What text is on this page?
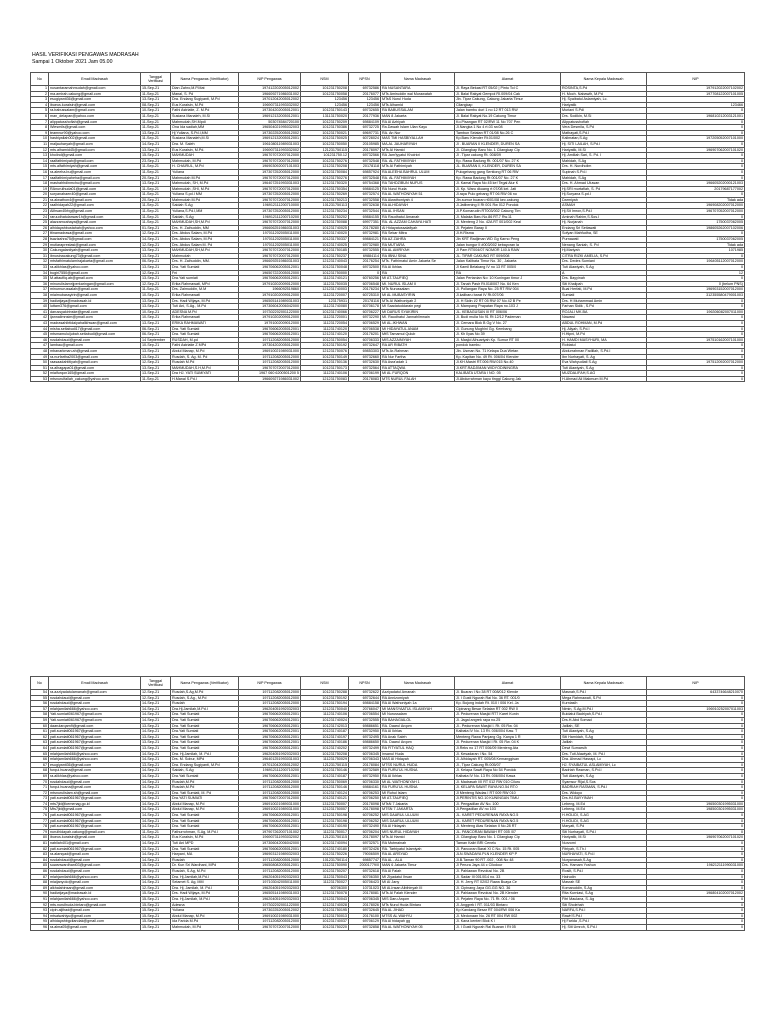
HASIL VERIFIKASI PENGAWAS MADRASAH
Sampai 1 Oktober 2021 Jam 05.00
No	Email Madrasah	Tanggal Verifikasi	Nama Pengawas (Verifikator)	NIP Pengawas	NSM	NPSN	Nama Madrasah	Alamat	Nama Kepala Madrasah	NIP
1	nusantaramahmudah@gmail.com	15-Sep-21	Dian Zahro,M.P.Mat	197412202005012002	101231750208	69732586	RA NUSANTARA	Jl. Raya Bekasi RT 05/02 | Pintu Tol C	ROSINTA,S.Pd	197912022007102002
2	ma.amirah.cakung@gmail.com	11-Sep-21	Manal, S. Pd	196609271986031002	101231750058	20176077	MTs Amiruddin wal Murawatah	Jl. Balai Rakyat Gempol RI.009/04 Cak	H. Moch. Nabawih, M.Pd	197708122007101005
3	esugiyanti36@gmail.com	13-Sep-21	Dra. Endang Sugiyanti, M.Pd	197012042005012002	123456	123456	MTsS Nurul Huda	Jln. Tipar Cakung, Cakung Jakarta Timur	Hj. Syaibatul Aslamiyah, Lc.	
4	ibueus.kuraisin@gmail.com	08-Sep-21	Eus Kuraisin, M.Pd	196907311993032002	123456	123456	MTs Alhamid	Cilangkap	Hariyatik	123466
5	ra.babussalam@gmail.com	10-Sep-21	Fathi Astriatie, Z. M.Pd	197304202005012001	101231750143	69732655	RA BABUSSALAM	Jalan bambu duri 1 no 12 RT 013 RW	Muriani S.Pdi	0
6	man_delapan@yahoo.com	11-Sep-21	Susiana Manaleh, M.Si	196912132005012001	131131750020	20177936	MAN 8 Jakarta	Jl. Balai Rakyat No.19 Cakung Timur	Drs. Sodikin, M.Si	196810212003121001
7	alippatusshofiah@gmail.com	11-Sep-21	Mahmudah,SH.Mpdi	503074584720100	101231750209	69884109	RA Al Azhiyah	Ko.Pisangan RT 02/RW 11 No 707 Pen	Alippatusshofiah	0
8	Wiesmils@gmail.com	11-Sep-21	Ona Ida sadiah,MM	196504021995032003	101231750386	69732725	Ra.Dawah Islam Ulan Kayu	Jl.Nangka 1 No 4 rt.03 rw.08	Vera Desmila, S.Pd	0
9	teamnur90@yahoo.com	13-Sep-21	Hj Yuliana, S.Pd.I,MM	197302252005012002	101231750021	69697731	RA. An Nur	Tambun Selatan RT 01/08 No.26 C	Mathayati,S.Pd.I	0
10	hasbiyallah002@gmail.com	11-Sep-21	Susiana Manaleh,M.Si	196912132005012001	101231750025	60728024	MAS TMI HASBIYALLAH	Kp.Baru Klender Rt.01/002	Kalimatan,S.Ag	197205052007101000
11	maljauharyah@gmail.com	14-Sep-21	Dra. M. Saleh	196108011989031003	101231750050	20105985	MA.AL JAUHARIYAH	Jl . BUARAN II KLENDER, DUREN SA	Hj. SITI LAILAH, S.Pd.I	0
12	mts.alhamid45@gmail.com	13-Sep-21	Eus Kuraisin, M.Pd.	196907311993032002	121231750115	20178097	MTs Al Hamid	Jl. Cilangkap Baru No. 1 Cilangkap Cip	Hariyatik, M.Si	196907062007101020
13	khoiind@gmail.com	15-Sep-21	MAHMUDAH	196707072007012000	101231750.12	69732566	RA Jam'iyyatul Khoiriot	Jl . Tipar cakung Rt. 008/09	Hj. Amiliah Sari, S. Pd. I	0
14	raalfathimiyah@gmail.com	23-Sep-21	Mahmudah, M.Pd	196707072007012000	101231750276	69732548	RA. AL FATHIMIYAH	Kp. Rawa Badung Rt. 001/07 No. 27 K	Mahidah, S.Ag	0
15	mts.alfathimiyah@gmail.com	11-Sep-21	H. CHAIRUL, M.Pd	196903092007101003	121231750208	20178118	MTs Al Fathimiyah	JL. BUARAN II, KLENDER, DUREN SA	Drs. H. Nurdholim	0
16	ra.aleeha.bu@gmail.com	11-Sep-21	Yuliana	197307252005012000	101231750084	69857924	RA ALEEHA BAHRUL ULUM	Pulogebang gang Sentiong RT 06 RW	Supinah S.Pd.i	0
17	raalfathimiyaheha@gmail.com	20-Sep-21	Mahmudah M.Pd	196707072007012000	101231750276	69732548	RA. AL FATHIMIYAH	Kp. Rawa Badung Rt 001/07 No. 27 K	Mahidah, S.Ag	0
18	mashahhdinmchu@gmail.com	13-Sep-21	Mahmudah, SH, M.Pd	196407251993031003	121231750320	69754368	RA TAHDZIBUN NUFUS	Jl. Kamal Raya No 45 ke! Tegal Alur K	Drs. H. Ahmad Uluwan	196605202000121003
19	RAnurulhuda01@gmail.com	11-Sep-21	Mahmudah ,SHI, M.Pd	196707072007012000	101231750354	69884125	RA Nurul Huda	Jl. Kp. Waru dkuang rt 07/08 kel. Jati	Hj.SRI murtafiah, S. Pd	20179687177002
20	suryanahaen40@gmail.com	11-Sep-21	Yuliana S.pd.I MM	197307252005012000	101231750269	69732574	RA AL WATHONIYAH 51	Jl.raya Pulo gebang RT 06 RW 06 no	Hj.Suryana S.pd.I	0
21	ra.alwathon4@gmail.com	20-Sep-21	Mahmudah M.Pd	196707072007012000	101231750213	69732558	RA Alwathoniyah 4	Jln.sumur buaran rt001/08 kec.cakung	Darmiyah	Tidak ada
22	raalhidayah22@gmail.com	11-Sep-21	Saidah S.Ag	196912111200710000	101231750113	69732638	RA ALHIDAYAH	Jl.Jatibening II Rt 001 Rw 012 Pondok	ASMAH	196908202007012000
23	Alihsan40rbg@gmail.com	11-Sep-21	Yuliana,S.Pd.I,MM	197307252005012000	121231750234	69732544	RA AL IHSAN	Jl.P.Komarudin RT003/002 Cakung Tim	Hj.Sit Imron,S.Pd.I	196707052007012000
24	raruudhatulanwar1h@gmail.com	11-Sep-21	Saidah, S.Ag	196912111200710200	101231750202	69884155	RA Raudhatul Amanah	Jl. Malaka Baru No.86 RT.7 Rw.11	Aminah Rahim,S.Sos.I	0
25	alazzamcahaya@gmail.com	11-Sep-21	MAHMUDAH,SH,M.Pd	196707072007012000	101231750088	69977351	RA. AL AZZAM CAHAYA HATI	Jl. Menteng 2 No. 42A RT 001/002 Keal	Hj. Nurjanah	1750037062005
26	alhidayahbustahah@yahoo.com	01-Sep-21	Drs. H. Zaihuddin, MM	196606251986031003	101231740025	20178280	Al Hidayatussalafiyah	Jl. Pejaten Baray II	Endang Sri Setiawati	198605262007102006
27	ttinamadrasa@gmail.com	12-Sep-21	Drs. Abdus Salam, M.Pd	197011202005011000	101231740020	69732981	RA Sekar Mitra	Jl.H.Risma	Sofyan Mahfudha, SE	0
28	tsazizahra75@gmail.com	14-Sep-21	Drs. Abdus Salam, M.Pd	197011202005011000	101231750337	69884121	RA AZ ZAHRA	Jln KRT Radjiman WD Gg Karno Peng	Purnawati	1750037062005
29	mutiaraprestasi@gmail.com	12-Sep-21	Drs. Abdus Salam M. Pd	197011202005011000	101231740025	69732980	RA MUTIARA	Jalan bungur II #003/002 kebayoran la	Nenang Saniah, S. Pd	Tidak ada
30	Cakungalaniiyah@gmail.com	13-Sep-21	MAHMUDAH,SH,M.Pd	196707072007012000	101231750185	69732555	RA AL AMRIYAH	Jl Pam RT004/07 NOMOR 140 A RAW	Hj.Mariyah	1071985
31	ibnusinacakung73@gmail.com	13-Sep-21	Mahmudah	196707072007012000	101231750237	69884114	RA IBNU SINA	JL. TIPAR CAKUNG RT 009/008	CITRA RIZKI AMELIA, S.Pd	0
32	mtsfathimatulamirajakarta@gmail.com	06-Sep-21	Drs. H. Zaihuddin, MM.	196609251986031003	121231740043	20176254	MTs. Fathimatul Amin Jakarta Se	Jalan Kalibata Timur No. 30 , Jakarta	Drs. Dedes Sumiani	196405112007012000
33	ra.alikhlas@yahoo.com	13-Sep-21	Dra. Yati Sumiati	196706062005012001	101231750048	69732500	RA Al Ikhlas	Jl Kamil Belakang IV no 13 RT 005/0	Tuti Alawiyah, S.Ag	0
34	bugiri7550@gmail.com	12-Sep-21	Fni	196507222005012000	101231750000	0	RA	RA	A	12
35	M.attaufiiq.ab@gmail.com	13-Sep-21	Dra.Yati sumiati	196706062005012001	111231740121	60760256	MI AT-TAUFIEQ	Jalan Pertanian No: 10 Kuningan timur J	Drs. Bayyinah	0
36	minurulislamrijperkaringan@gmail.com	12-Sep-21	Erika Rahmawati, MPd	197910202009012000	111231750035	60706548	MI. NURUL ISLAM II	Jl. Tanah Pasir Rt.018/007 No. 64 Ken	Siti Khalipah	0 (belum PNS)
37	minurnurussalah@gmail.com	11-Sep-21	Drs. Zaimuddin, M.M	1966092519860	121231740003	20176234	MTs Nurussalam	Jl. Pollangan Raya No. 25 RT RW 004	Buai Herfati, M.Pd	196903152007012000
38	miaimubassyirin@gmail.com	10-Sep-21	Erika Rahmawati	197910202009012000	111231720007	60725310	MI AL MUBASYIRIN	Jl.kalibaru barat IV Rt.007/06	Sumiati	312355580479001003
39	hadiwijaya@madrasah.id	13-Sep-21	Drs. Hadi Wijaya, M.Pd	196505141989031003	123175931	20178116	MTs Al Wathoniyah 2	Jl. H Sidin I/2 RT 05 RW 07 No 42 B Pe	Drs. H Muhammad Amin	0
40	luttam376@gmail.com	13-Sep-21	Tuti Ani, S.Ag., M.Pd	197306042006042000	111231740080	60706178	MI Saadatuddarain pegi	Jl. Mampang Prapatan Raya no.103 J	Farhan Sidik , S.Pd	0
41	darussyakirinske@gmail.com	10-Sep-21	ADESNA M.Pd	197302202001122000	101231740066	60706227	MI DARUS SYAKIRIN	JL. KEBAGUSAN III RT 006/06	ROJALI MK.BA	196306082007011000
42	ijannalimnsim@ymail.com	10-Sep-21	Erika Rahmawati	197910202009012000	111231720001	69732290	MI. Raudhatul Jannahlimnain	Jl. Budi mulia No 91 Rt 12/12 Pademan	Nawawi	0
43	madrasahibtidaiyahalikhwan@gmail.com	13-Sep-21	ERIKA RAHMAWATI	19791002009012000	111231720054	60706529	MI AL-IKHWAN	Jl. Cemara Blok B Gg V No. 27	ABDUL ROHMAN, M.Pd	0
44	misha.seltabudi17@gmail.com	06-Sep-21	Dra. Yati Sumiati	196706062005012001	111231740120	60706538	MI HIDAYATUL ANAM	Jl. Gunung Mughini Gg. Kembang	Hj. Aliyah, S.Pd.I	0
45	mtsmamuluijubah.setiabudi@gmail.com	06-Sep-21	Dra. Yati Sumiati	196706062005012001	121231740120	20176201	MtS Tamamul Qulub	Jl. Kh Ilyas No 39	H.Hipni, M.Pd	0
46	rusdahdaud@gmail.com	14 September	RUSDAH, M.pd	197112082005012000	101231750054	60706333	MIS AZZAINIYAH	Jl. Masjid Alhuariyah Kp. Sumur RT 00	H. HAMDI MASYHURI, MA	197510162007101000
47	lambau@gmail.com	10-Sep-21	Fathi Astriatie Z MPd	197304202005012000	101231750192	69732647	RA AR RIBATH	pondok bambu	Robiatul	0
48	mbanarkman.ah@gmail.com	13-Sep-21	Abdul Manap, M.Pd	196910021989031000	121231750076	69853303	MTs Ar-Rahman	Jln. Usman No. 71 Kelapa Dua Wetan	Abdurrahman Fadillah, S.Pd.I	0
49	ra.nurfartha2003@gmail.com	13-Sep-21	Rusdah, S. Ag. M. Pd	197112082005012000	101231750149	69732660	RA Nur Fartha	Kp. Kapitan No. 49 Rt. 006/04 Klender	Ibn Nurhayati, S. Ag	0
50	raasaadahtitiyah@gmail.com	12-Sep-21	Rusdah M.Pd	197112082005012000	101231750136	69732630	RA Asra'adah 1	Jl.KH.Mastri RT.006 RW.015 No.40	Eva Wahyudiati S.Ag	197512092007012000
51	ra.alhagapa01@gmail.com	13-Sep-21	MAHMUDAH,S.H,M.Pd	196707072007012000	101231750173	69732564	RA ATTAQWA	Jl.KRT.RADJIMAN WIDYODININGRA	Tuti Alawiyah, S.Ag	0
52	mialfurqon165@gmail.com	13-Sep-21	Dra HJ. YATI SUMIYATI	1967 060 6200501200 5	111231740106	60706199	MI AL FURQON	KALIBATA UTARA I NO. 05	MUZDALIFAH,S.AG	0
53	mtsnurulfallah_cakung@yahoo.com	11-Sep-21	H.Manal S.Pd.I	196609271986031002	121231750083	20178083	MTS NURUL FALAH	Jl.Abdurrahman kayu tinggi Cakung Jak	H.Ahmad Ali Makmum M.Pd	0
No	Email Madrasah	Tanggal Verifikasi	Nama Pengawas (Verifikator)	NIP Pengawas	NSM	NPSN	Nama Madrasah	Alamat	Nama Kepala Madrasah	NIP
54	ra.azziyadatulamanah@gmail.com	12-Sep-21	Rusdah,S.Ag,M.Pd	197112082005012000	101231750288	69732622	Azziyadatul Amanah	Jl. Buaran I No 38 RT 008/012 Klende	Masnah,S.Pd.I	6433746648210070
55	rusdahdaud@gmail.com	12-Sep-21	Rusdah, S.Ag., M.Pd	197112082005012000	101231750192	69732644	RA Annizomiyah	Jl. I Gusti Ngurah Rai No. 36 RT. 001/0	Mega Rahmawati, S.Pd	0
56	rusdahdaud@gmail.com	14-Sep-21	Rusdah	197112082005012000	101231750194	69884158	RA Al Wathoniyah 1a	Kp. Bojong indah Rt. 010 / 006 Kel. Ja	Kurniasih	0
57	mlahjamilah666@yahoo.com	14-Sep-21	Dra.Hj.Jamilah,M.Pd.I	196204051992032003	121231750040	20766047	MI MANSYAATUL ISLAMIYAH	Cipinang Besar Selatan RT 002 RW 0	Nimin, S.Ag.M.Pd.I	196910252007011003
58	Yati.sumiati061967@gmail.com	14-Sep-21	Dra. Yati Sumiati	196706062005012001	111231740106	60706554	MI Nurussalam	Jl. Pedurenan Masjid RT7 Karet Kunin	Buidatul Badriyah,S.Pd.I	0
59	Yati.sumiati061967@gmail.com	14-Sep-21	Dra. Yati Sumiati	196706062005012001	101231740024	69732555	RA BAHAGIALOL	Jl. Jagal angrek raya no.25	Drs.H.Abd Somad	0
60	daarularqam9@gmail.com	13-Sep-21	Dra. Yati Sumiati	196706062005012001	101231742013	69886651	RA. Daarul Arqom	Jl.. Pedurenan Masjid I. Rt. 05 Rw. 04	Jaillah, SE	0
61	yati.sumiati061967@gmail.com	14-Sep-21	Dra.Yati Sumiati	196706062005012001	101231740187	69732950	RA AI Ikhlas	Kalbata IV No. 13 Rt. 006/004 Kaw. T	Tuti Alawiyah, S.Ag	0
62	yati.sumiati061967@gmail.com	13-Sep-21	Dra. Yati Sumiati	196706062005012001	101231740197	69732495	RA Anak Saleh	Menteng Rawa Panjang Gg. Kanya 1 R	Siti Hamidah, S.Ag	0
63	yati.sumiati061967@gmail.com	13-Sep-21	Dra. Yati Sumiati	196706062005012001	101231740186	69886650	RA. Daarul Arqom	Jl. Pedurenan Masjid I Rt. 05 Rw. 04 K	Jaillah	0
64	yati.sumiati061967@gmail.com	13-Sep-21	Dra. Yati Sumiati	196706062005012001	101231740202	69732499	RA FITYATUL HAQ	Jl.Reks no 17 RT 006/09 Menteng Ata	Dewi Sumarsih	0
65	mlahjamilah666@yahoo.com	14-Sep-21	Dra. Hj.Jamilah, M. Pd.I	196204051992032003	101231750208	60706345	Insanul Huda	Jl. Kesadaran I No. 54	Drs. Tuti Alawiyah, M. Pd.I	0
66	mlahjamilah666@yahoo.com	14-Sep-21	Drs. M. Sobur, MPd	196401251993031003	111231750029	60706343	MAS AI Hidayah	Jl. Alhidayah RT. 005/08 Kemanggisan	Dra. Ahmad Hasrapi, Lc	0
67	esugiyanti36@gmail.com	13-Sep-21	Dra. Endang Sugiyanti, M.Pd	197012042005012002	121231750115	20178084	MTSS NURUL HUDA	Jl., Tipar Cakung Rt.005/07	HJ. SYAIBATUL ASLAMIYAH, Lc	0
68	furqui.huana@gmail.com	14-Sep-21	Saidah, S.Ag	196912111200710200	101231750146	69732589	RA FURU'UL HUSNA	Jl. Kelapa Sawit Raya No 54 Pondok	Badriah Rasman, S.Pd.I	0
69	ra.alikhlas@yahoo.com	14-Sep-21	Dra.Yati Sumiati	196706062005012001	101231740187	69732950	RA AI Ikhlas	Kalbata IV No. 13 Rt. 006/004 Kawa	Tuti Alawiyah, S.Ag	0
70	rusdahdaud@gmail.com	14-Sep-21	Rusdah,M.Pd	197112082005012000	101231750069	60706330	MI AL WATHONIYAH 1	Jl. Madrasah I/II RT 012 RW 010 Ciluru	Syamsur Rijal,S.Sos	0
71	furqui.huana@gmail.com	14-Sep-21	Rusdah,M.Pd	197112082005012000	101231750146	69884161	RA FURU'UL HUSNA	Jl. KELAPA SAWIT RAYA NO.54 RT.0	BADRIAH RASMAN, S.Pd.I	0
72	mtsnurulislam.sh@gmail.com	14-Sep-21	Dra. Yati Sumiati, M. Pd	197112082005012000	101231740124	60706253	MI Ruhul Islam	Jl Menteng Wadas I RT 009 RW 010	Drs. Widoyo	0
73	yati.sumiati061967@gmail.com	14-Sep-21	Dra.YATI SUMIATI	196706072007012000	101231740121	60706250	MI AT-TAUFIEQ	Jl.PERINTIS NO.10 KUNINGAN TIMU	Drs.HJ.BAYYINAH	0
74	mts7jkt@kemenag.go.id	14-Sep-21	Abdul Manap, M.Pd	196910021989031000	131231750007	20178098	MTsN 7 Jakarta	Jl. Pengadilan AV No. 100	Lebeng, M.Ed	196500301995031000
75	Mts7jkt@gmail.com	14-Sep-21	Abdul Manap, M.Pd	196910021989031000	121231750007	20178098	MTSN 7 JAKARTA	Jl.Pengadilan AV no 103	Lebeng, M.Ed	198500301995031000
76	yati.sumiati061967@gmail.com	14-Sep-21	Dra. Yati Sumiati	196706062005012001	121231750198	60706252	MIS DAARUL ULUUM	JL. KARET PEDURENAN RAYA NO.5	H.HOLIDI, S.AG	0
77	yati.sumiati061967@gmail.com	14-Sep-21	Dra. Yati Sumiati	196706062005012001	121231750198	60706252	MIS DAARUL ULUUM	JL. KARET PEDURENAN RAYA NO.5	H.HOLIDI, S.AG	0
78	yati.sumiati061967@gmail.com	14-Sep-21	Dra. Yati Sumiati	196706062005012001	101231740190	69732490	RA Al Hidayah	Jl. Menteng Atas Selatan II No.28 RT	Maryati, S.Pd	0
79	nurulhidayah.cakung@gmail.com	11-Sep-21	Fathurrohman, S.Ag, M.Pd.I	197907262007101002	111231750017	60706204	MIS NURUL HIDAYAH	JL. PANCORAN BAWAH RT 005 /07	Siti Nurhayati, S.Pd.I	0
80	ibueus.kuraisin@gmail.com	14-Sep-21	Eus Kuraisin, M.Pd	196907311993032002	121231750115	20178097	MTs Al Hamid	Jl. Cilangkap Baru No. 1 Cilangkap Cip	Hariyatik, M.Si	196907062007101020
81	nabilah401@gmail.com	14-Sep-21	Tuti Ani MPD	197306042006042000	101231740094	69732571	RA Mutmainah	Taman Kaliri BRI Cenelu	Nurzomi	0
82	yati.sumiati061967@gmail.com	13-Sep-21	Dra. Yati Sumiati	196706062005012001	101231740180	69732426	RA. Tarbiyatul Islamiyah	Jl. Pancoran Barat XI C No. 15 Rt. 005	Fitriyah, S.Th.I	0
83	ra.alarsyad@gmail.com	14-Sep-21	Haryani, MA	196903121989032003	101231750226	79006509	RA AL ARSYAD	JLN.SWADAYA PLN KLENDER KP P	NURHAYATI, S.Pd.I	0
84	rusdahdaud@gmail.com	14-Sep-21	Rusdah	197112082005012000	101231750114	69857747	RA AL - ALA	Jl.B.Taman 90 RT .002 , 008 No 48	Nuryanasah,S.Ag	0
85	suwanwardhani03@gmail.com	15-Sep-21	Dr. Kun Sri Wardhani, MPd	196508082005012001	131231750090	20001779/0	MAN 6 Jakarta Timur	Jl Perura Jaya 44 c Cilodour	Drs. Hamam Yoshun	196212111990031000
86	rusdahdaud@gmail.com	09-Sep-21	Rusdah, S.Ag, M.Pd	197112082005012000	101231750207	69732618	RA Al Falah	Jl. Pahlawan Revolusi No. 2B	Rosilt, S.Pd.I	0
87	mlahjamilah666@yahoo.com	15-Sep-21	Dra. Hj.Jamilah,M.Pd.I	196204051992032003	111231750043	60706350	MI Ziyadatul Ihsan	Jl. Sadar III 001/014 no. 33	Hairudin	0
88	miaijanyolo@gmail.com	14-Sep-21	Selamet S. Ag, MM	197103042005011000	111231750027	60706423	MI AI Jany	Jl. H. Jeny RT 02/02 Rawa Buaya Ce	Masrah SE	0
89	alkhalahinsan@gmail.com	12-Sep-21	Dra. Hj. Jamilah, M. Pd.I	196204051992032003	60706300	10731023	MI Al-Insan Albihinyah III	Jl. Cipinang Jaya GG.GG NO. 36	Komaruddin, S.Ag	0
90	hadiwijaya@madrasah.id	15-Sep-21	Drs. Hadi Wijaya, M.Pd	196505141989031003	121231750078	20178081	MTs Al Falah Klender	Jl. Pahlawan Revolusi No. 2B Klender	Rita Kurniasi, S.Ag	196804102007012002
91	mlahjamilah666@yahoo.com	15-Sep-21	Dra. Hj.Jamilah, M.Pd.I	196204051992032003	121231750043	60706345	MIS Daru Arqom	Jl. Pejaten Raya No. 71 Rt. 001 / 06	Fitri Maulana, S. Ag	0
92	mts.nurulhuda.bintaro@gmail.com	15-Sep-21	Adesna	197302202001122000	121231740028	20178026	MTs Nurul Huda Bintaro	Jl. Anggrek I RT. 011/03 Bintaro	Siti Sholehah	0
93	cipin.aljihad@gmail.com	15-Sep-21	Yuliana	197302252005012002	101231750195	69732645	RA AL JIHAD	Kp Kandang Besar RT 004/RW 006 Ka	NARFA,S.Pd.I	0
94	mtsalwahiyu@gmail.com	15-Sep-21	Abdul Manap, M.Pd	196910021989031000	121231750013	20176100	MTSS AL WAHYU	Jl. Medonaan No. 26 RT 004 RW 002	Rawh'S.Pd.I	0
95	alhidayahbgcilandak@gmail.com	15-Sep-21	Ida Farida M.Pd	197112082005012000	101231740037	69706129	RA Al hidayah gg	Jl. Kana kenteri Blok K I	Hj Farida ,S.Pd.I	0
96	ra.alma05@gmail.com	15-Sep-21	Mahmudah, M.Pd	196707072007012000	101231750220	69732858	RA AL WATHONIYAH 05	Jl. I Gusti Ngurah Rai Buaran I Rt 05	Hj. Siti Umroh, S.Pd.I	0
